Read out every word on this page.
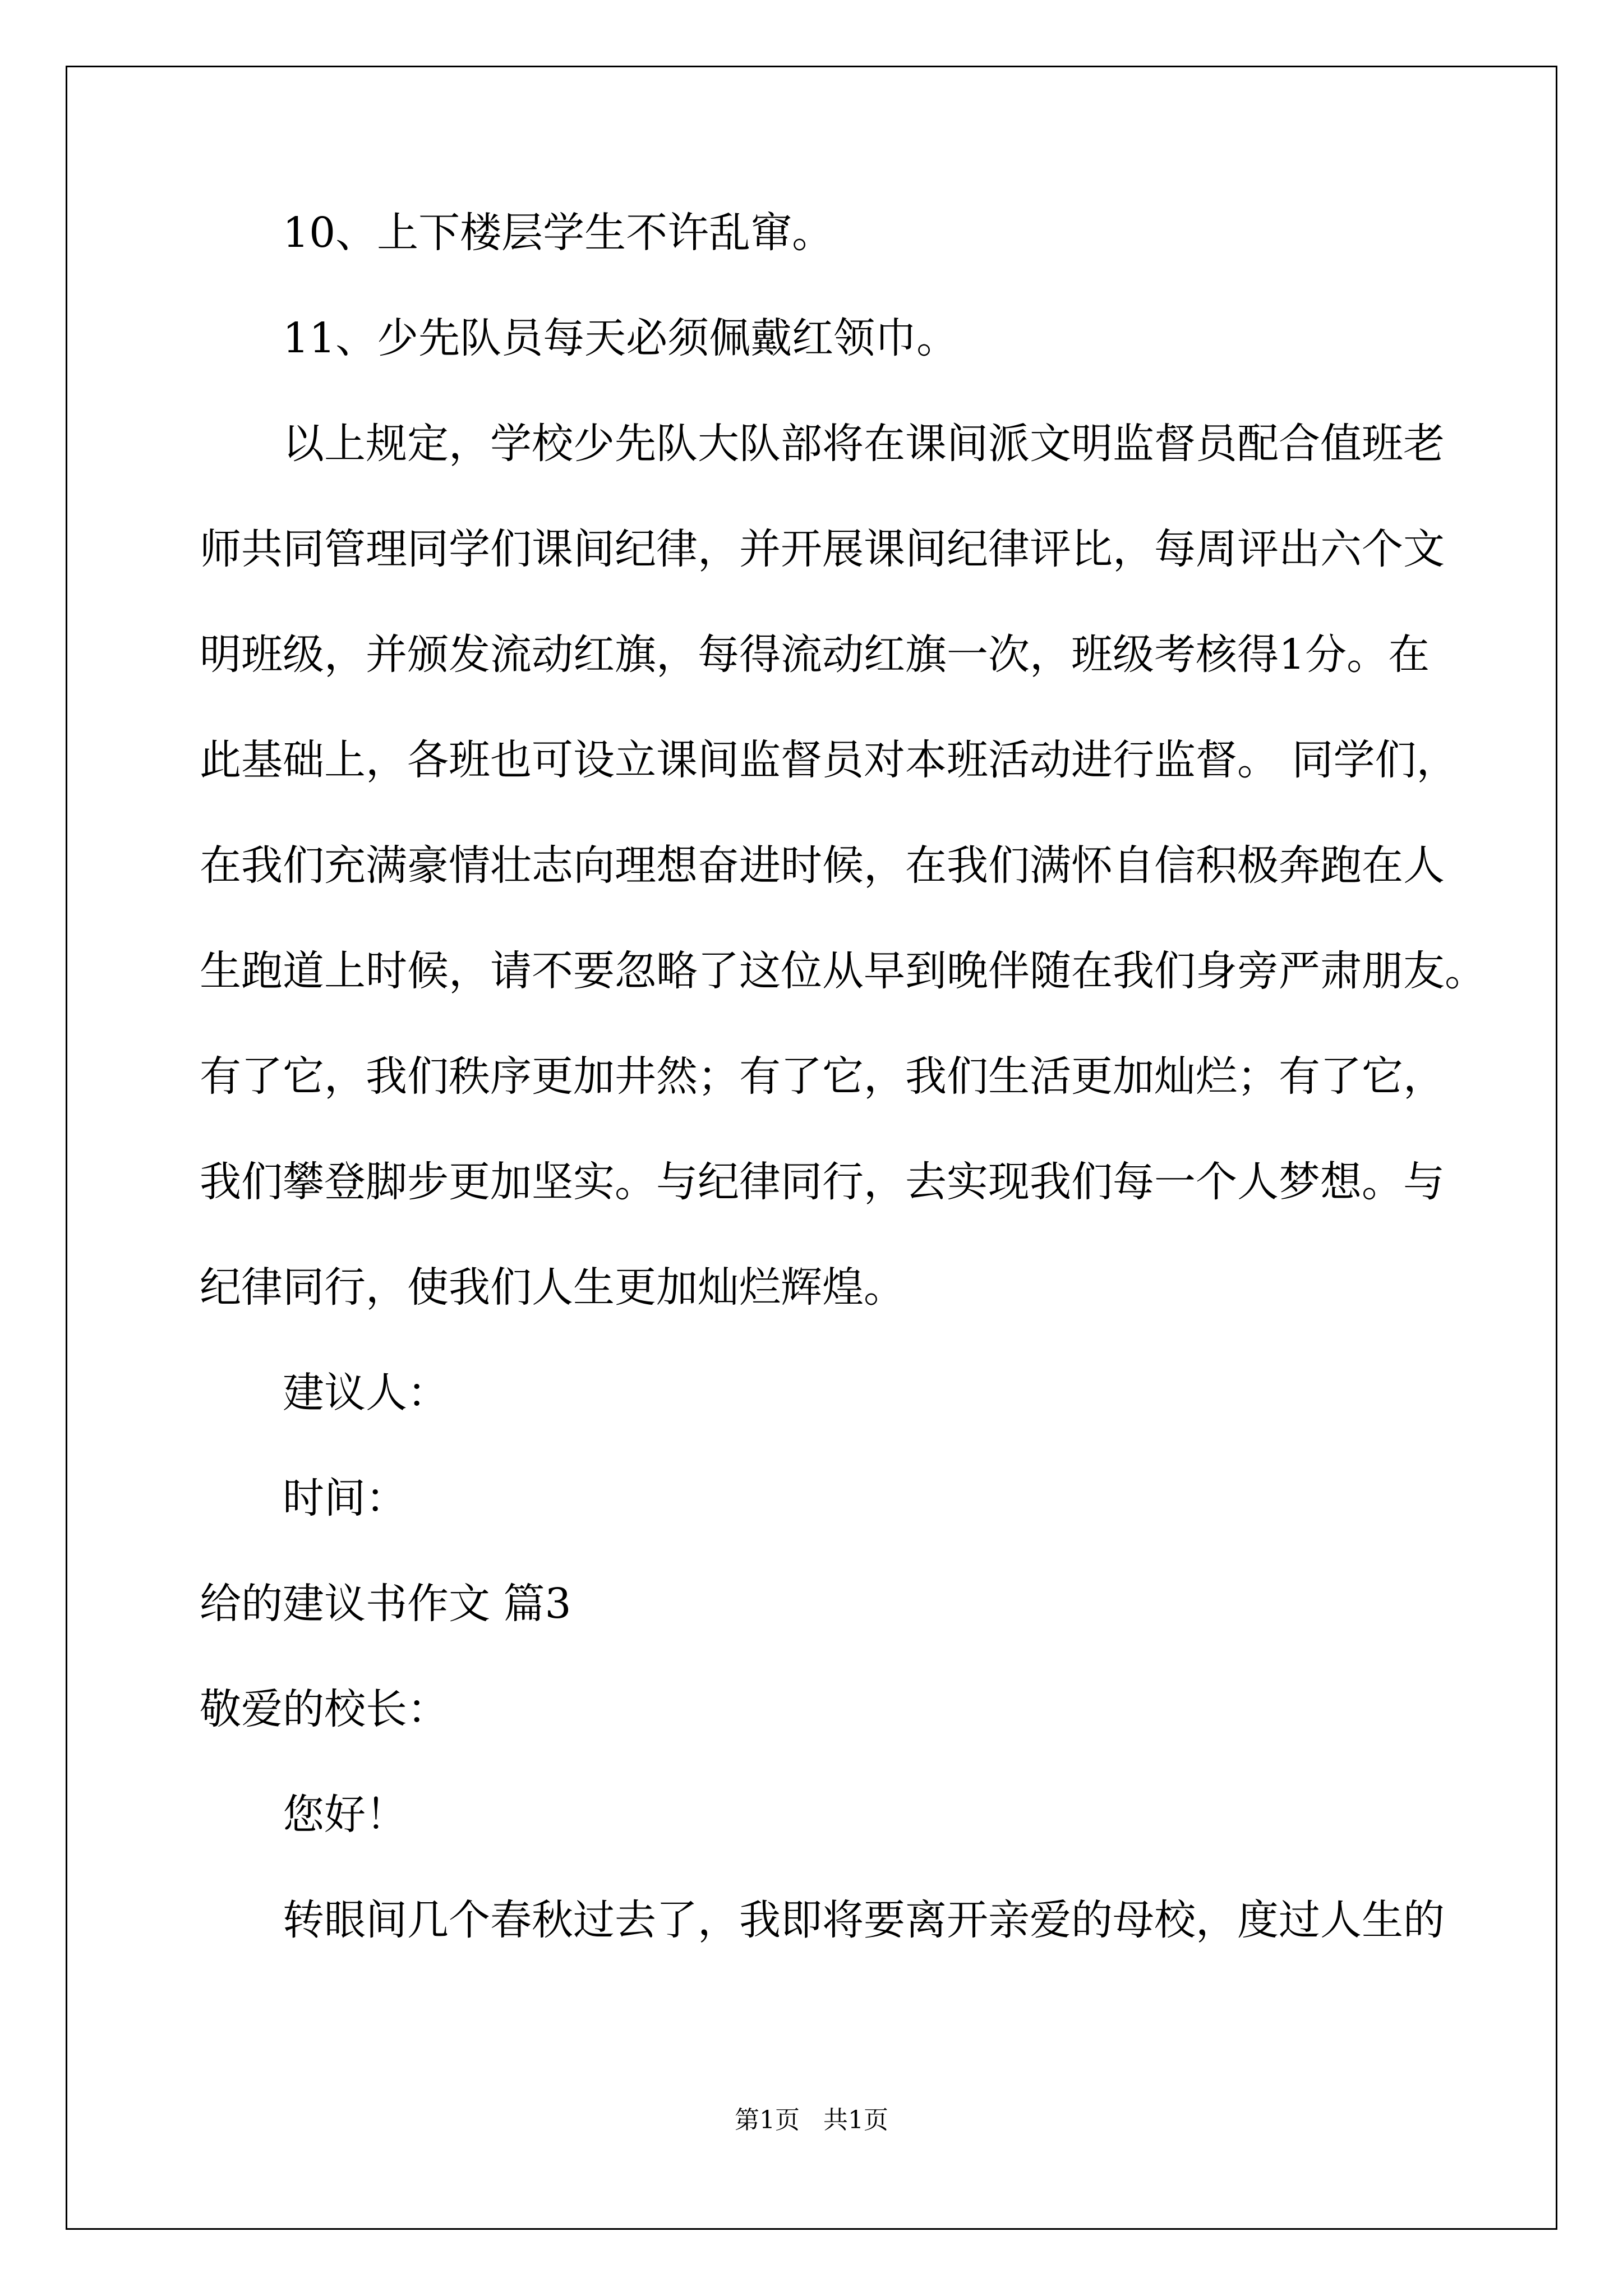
10、上下楼层学生不许乱窜。
11、少先队员每天必须佩戴红领巾。
以上规定，学校少先队大队部将在课间派文明监督员配合值班老
师共同管理同学们课间纪律，并开展课间纪律评比，每周评出六个文
明班级，并颁发流动红旗，每得流动红旗一次，班级考核得1分。在
此基础上，各班也可设立课间监督员对本班活动进行监督。 同学们，
在我们充满豪情壮志向理想奋进时候，在我们满怀自信积极奔跑在人
生跑道上时候，请不要忽略了这位从早到晚伴随在我们身旁严肃朋友。
有了它，我们秩序更加井然；有了它，我们生活更加灿烂；有了它，
我们攀登脚步更加坚实。与纪律同行，去实现我们每一个人梦想。与
纪律同行，使我们人生更加灿烂辉煌。
建议人：
时间：
给的建议书作文 篇3
敬爱的校长：
您好！
转眼间几个春秋过去了，我即将要离开亲爱的母校，度过人生的
第1页 共1页
